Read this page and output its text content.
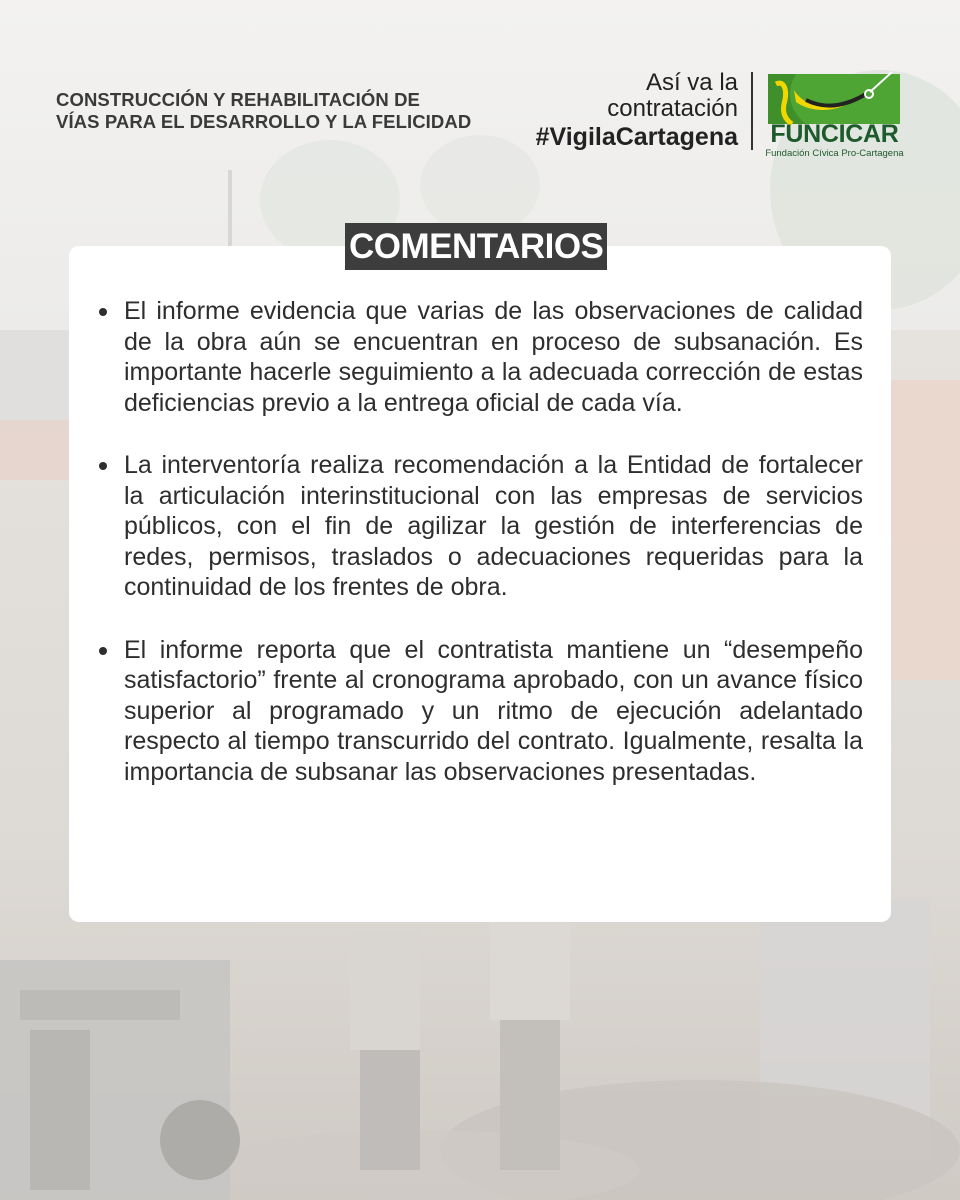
CONSTRUCCIÓN Y REHABILITACIÓN DE
VÍAS PARA EL DESARROLLO Y LA FELICIDAD
Así va la
contratación
#VigilaCartagena	FUNCICAR
Fundación Cívica Pro-Cartagena
COMENTARIOS
El informe evidencia que varias de las observaciones de calidad de la obra aún se encuentran en proceso de subsanación. Es importante hacerle seguimiento a la adecuada corrección de estas deficiencias previo a la entrega oficial de cada vía.
La interventoría realiza recomendación a la Entidad de fortalecer la articulación interinstitucional con las empresas de servicios públicos, con el fin de agilizar la gestión de interferencias de redes, permisos, traslados o adecuaciones requeridas para la continuidad de los frentes de obra.
El informe reporta que el contratista mantiene un “desempeño satisfactorio” frente al cronograma aprobado, con un avance físico superior al programado y un ritmo de ejecución adelantado respecto al tiempo transcurrido del contrato. Igualmente, resalta la importancia de subsanar las observaciones presentadas.
